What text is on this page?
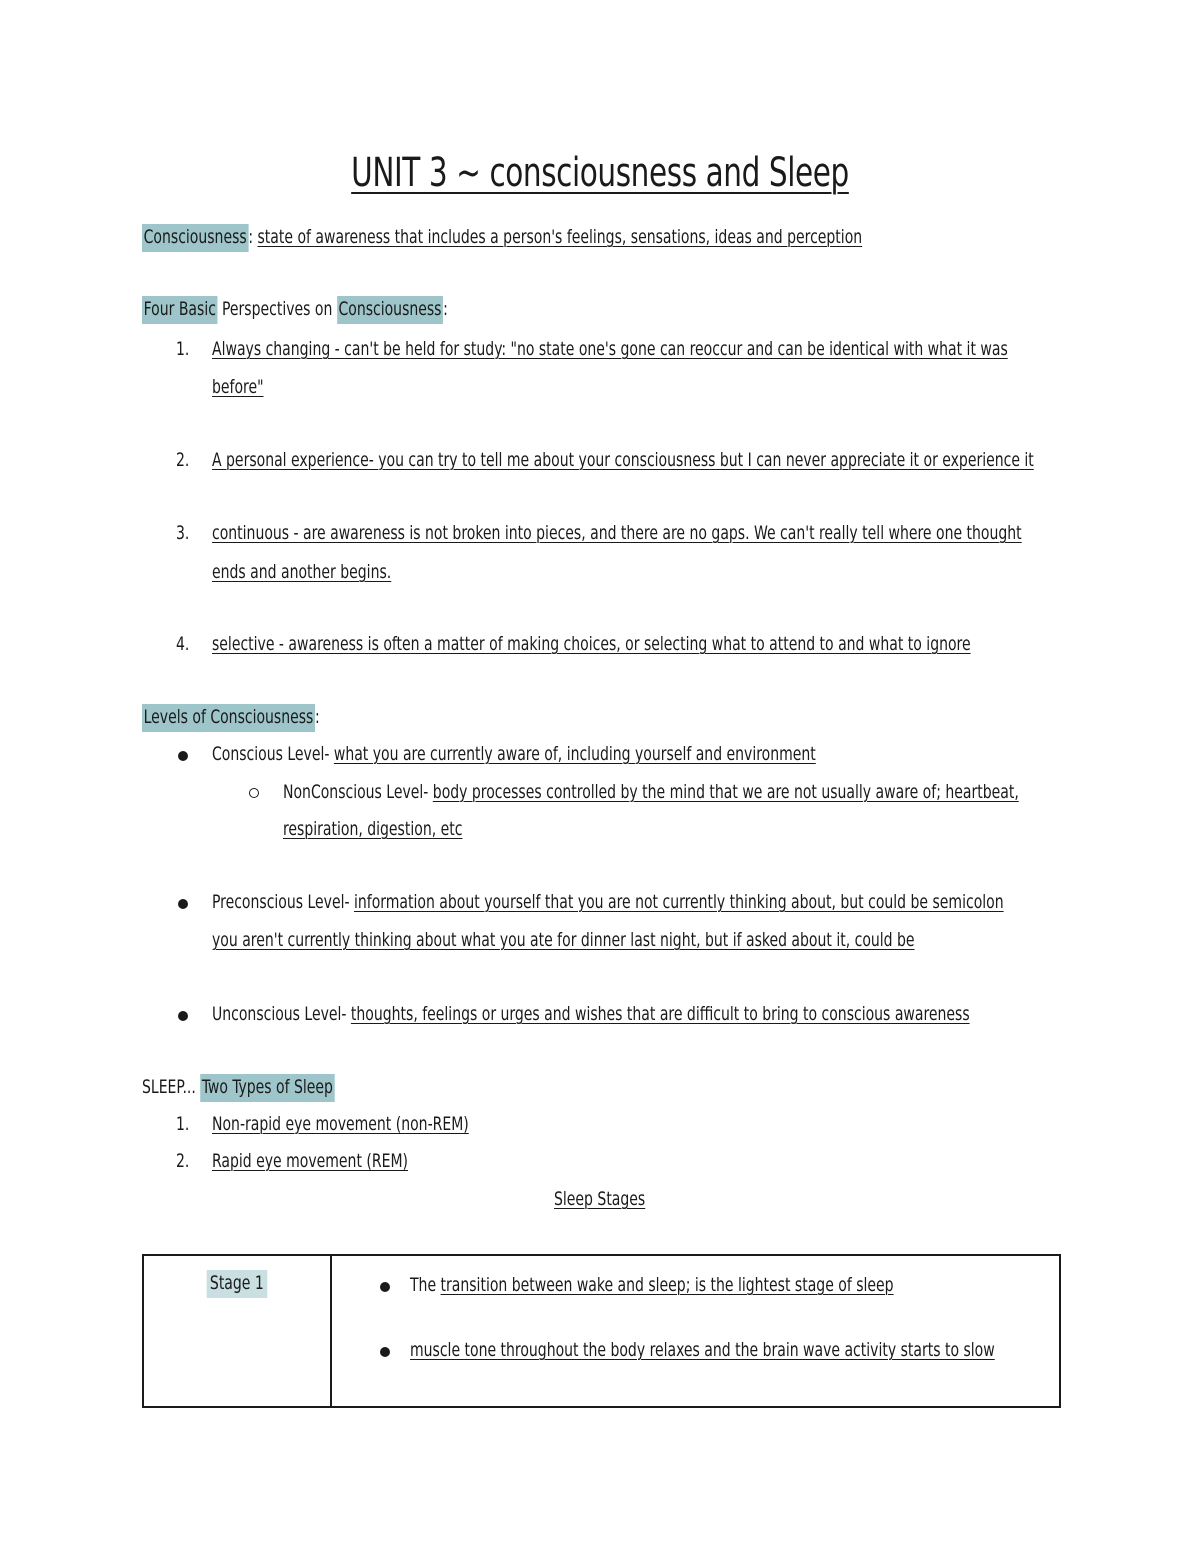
UNIT 3 ~ consciousness and Sleep
Consciousness: state of awareness that includes a person's feelings, sensations, ideas and perception
Four Basic Perspectives on Consciousness:
1. Always changing - can't be held for study: "no state one's gone can reoccur and can be identical with what it was
before"
2. A personal experience- you can try to tell me about your consciousness but I can never appreciate it or experience it
3. continuous - are awareness is not broken into pieces, and there are no gaps. We can't really tell where one thought
ends and another begins.
4. selective - awareness is often a matter of making choices, or selecting what to attend to and what to ignore
Levels of Consciousness:
Conscious Level- what you are currently aware of, including yourself and environment
NonConscious Level- body processes controlled by the mind that we are not usually aware of; heartbeat,
respiration, digestion, etc
Preconscious Level- information about yourself that you are not currently thinking about, but could be semicolon
you aren't currently thinking about what you ate for dinner last night, but if asked about it, could be
Unconscious Level- thoughts, feelings or urges and wishes that are difficult to bring to conscious awareness
SLEEP... Two Types of Sleep
1. Non-rapid eye movement (non-REM)
2. Rapid eye movement (REM)
Sleep Stages
Stage 1	The transition between wake and sleep; is the lightest stage of sleep
muscle tone throughout the body relaxes and the brain wave activity starts to slow
